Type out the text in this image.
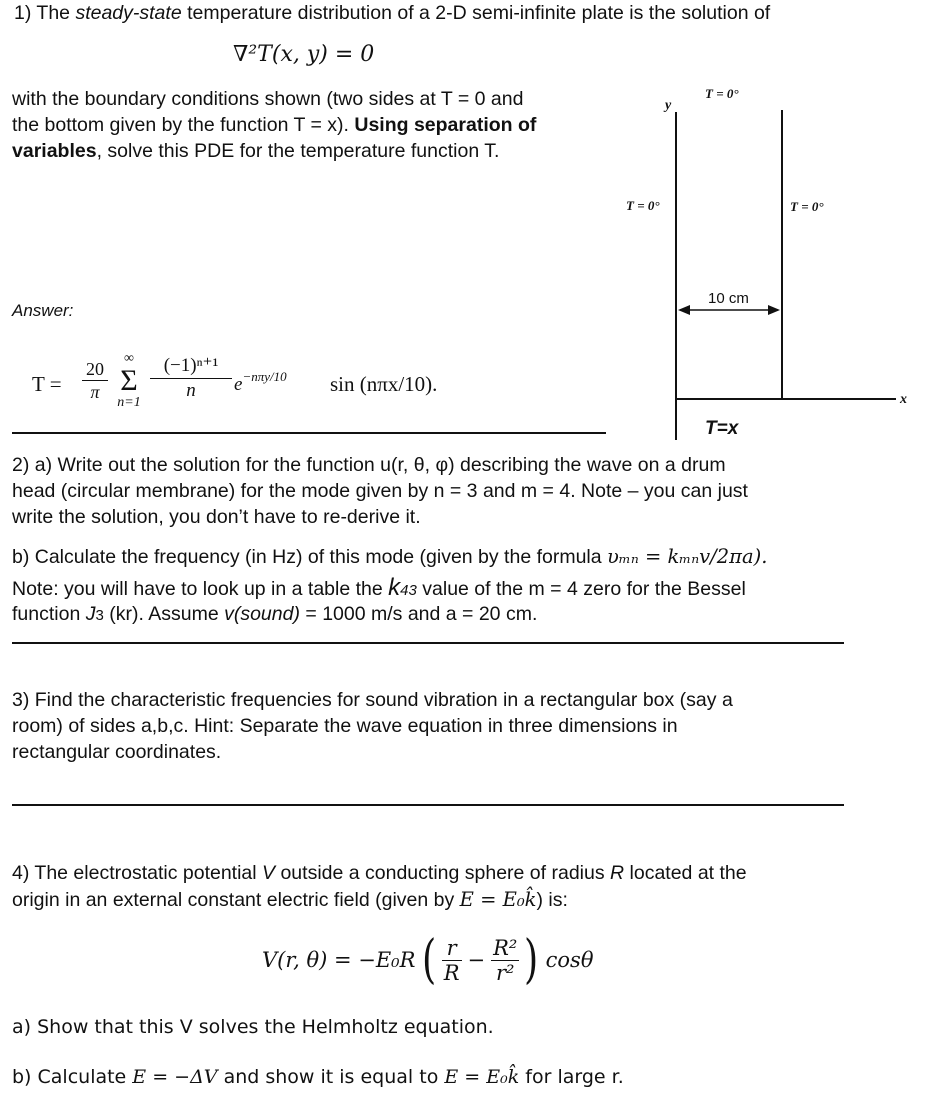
1) The steady-state temperature distribution of a 2-D semi-infinite plate is the solution of
∇²T(x, y) = 0
with the boundary conditions shown (two sides at T = 0 and
the bottom given by the function T = x). Using separation of
variables, solve this PDE for the temperature function T.
Answer:
$T = \frac{20}{\pi}$	∞
Σ
$n=1 \frac{\text{(−1)ⁿ⁺¹}}{n} e^{-n\pi y/10}$ sin (nπx/10).
y
T = 0°
T = 0°	T = 0°
10 cm
x
T=x
2) a) Write out the solution for the function u(r, θ, φ) describing the wave on a drum
head (circular membrane) for the mode given by n = 3 and m = 4. Note – you can just
write the solution, you don’t have to re-derive it.
b) Calculate the frequency (in Hz) of this mode (given by the formula υₘₙ = kₘₙv/2πa).
Note: you will have to look up in a table the k43 value of the m = 4 zero for the Bessel
function J3 (kr). Assume v(sound) = 1000 m/s and a = 20 cm.
3) Find the characteristic frequencies for sound vibration in a rectangular box (say a
room) of sides a,b,c. Hint: Separate the wave equation in three dimensions in
rectangular coordinates.
4) The electrostatic potential V outside a conducting sphere of radius R located at the
origin in an external constant electric field (given by E = E₀k̂) is:
V(r, θ) = −E₀R ( $\frac{r}{R} - \frac{\text{R²}}{\text{r²}}$ ) cosθ
a) Show that this V solves the Helmholtz equation.
b) Calculate E = −ΔV and show it is equal to E = E₀k̂ for large r.
